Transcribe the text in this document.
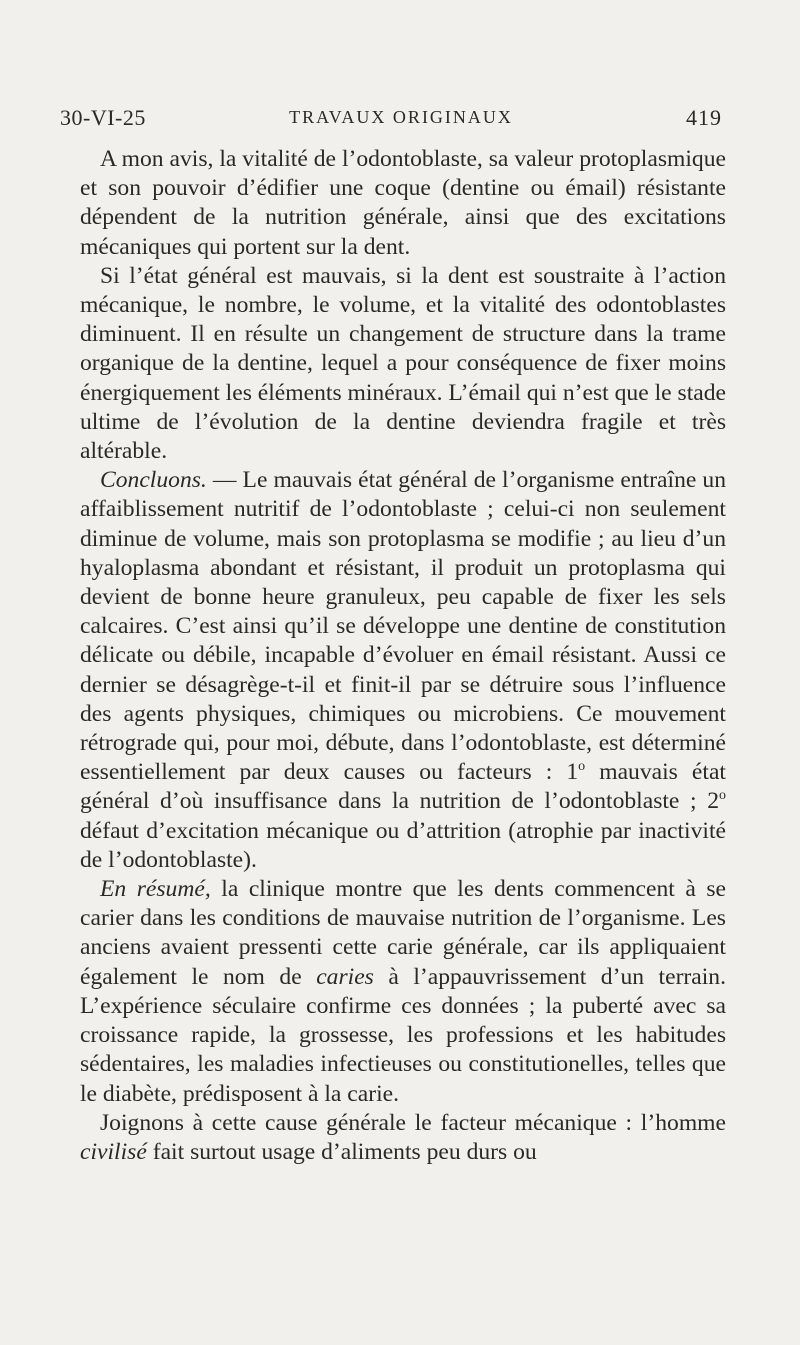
30-VI-25	TRAVAUX ORIGINAUX	419

A mon avis, la vitalité de l’odontoblaste, sa valeur protoplasmique et son pouvoir d’édifier une coque (dentine ou émail) résistante dépendent de la nutrition générale, ainsi que des excitations mécaniques qui portent sur la dent.

Si l’état général est mauvais, si la dent est soustraite à l’action mécanique, le nombre, le volume, et la vitalité des odontoblastes diminuent. Il en résulte un changement de structure dans la trame organique de la dentine, lequel a pour conséquence de fixer moins énergiquement les éléments minéraux. L’émail qui n’est que le stade ultime de l’évolution de la dentine deviendra fragile et très altérable.

Concluons. — Le mauvais état général de l’organisme entraîne un affaiblissement nutritif de l’odontoblaste ; celui-ci non seulement diminue de volume, mais son protoplasma se modifie ; au lieu d’un hyaloplasma abondant et résistant, il produit un protoplasma qui devient de bonne heure granuleux, peu capable de fixer les sels calcaires. C’est ainsi qu’il se développe une dentine de constitution délicate ou débile, incapable d’évoluer en émail résistant. Aussi ce dernier se désagrège-t-il et finit-il par se détruire sous l’influence des agents physiques, chimiques ou microbiens. Ce mouvement rétrograde qui, pour moi, débute, dans l’odontoblaste, est déterminé essentiellement par deux causes ou facteurs : 1$^o$ mauvais état général d’où insuffisance dans la nutrition de l’odontoblaste ; 2$^o$ défaut d’excitation mécanique ou d’attrition (atrophie par inactivité de l’odontoblaste).

En résumé, la clinique montre que les dents commencent à se carier dans les conditions de mauvaise nutrition de l’organisme. Les anciens avaient pressenti cette carie générale, car ils appliquaient également le nom de caries à l’appauvrissement d’un terrain. L’expérience séculaire confirme ces données ; la puberté avec sa croissance rapide, la grossesse, les professions et les habitudes sédentaires, les maladies infectieuses ou constitutionelles, telles que le diabète, prédisposent à la carie.

Joignons à cette cause générale le facteur mécanique : l’homme civilisé fait surtout usage d’aliments peu durs ou
